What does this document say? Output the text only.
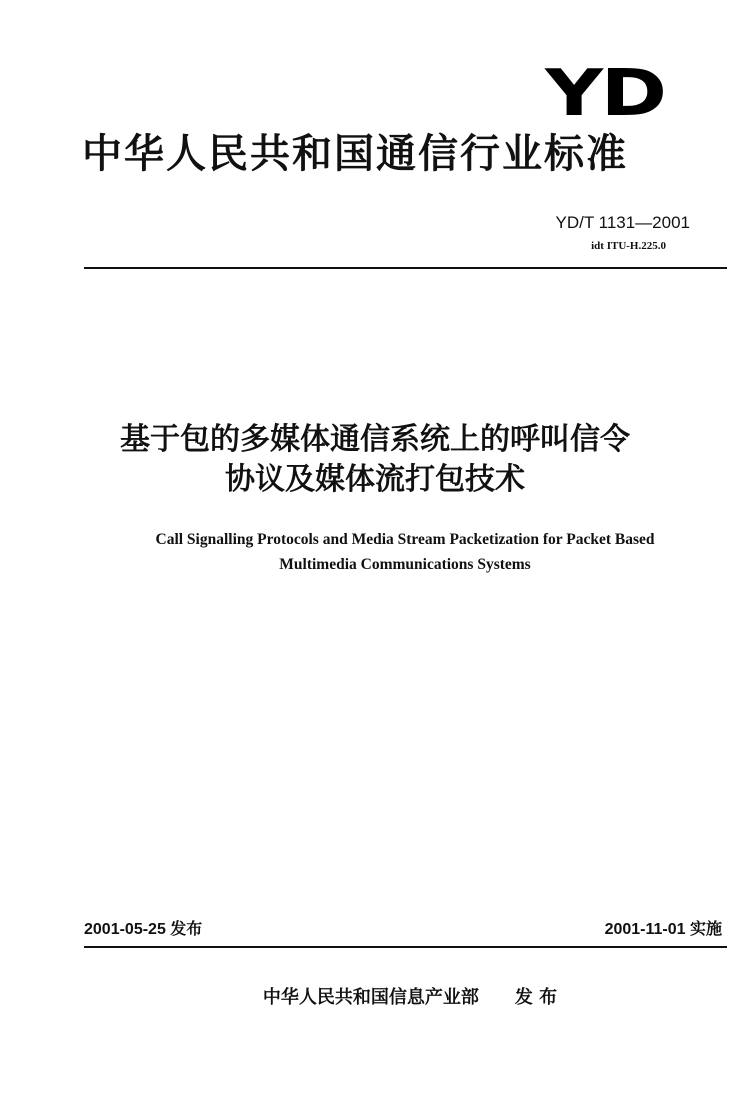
YD
中华人民共和国通信行业标准
YD/T 1131—2001
idt ITU-H.225.0
基于包的多媒体通信系统上的呼叫信令
协议及媒体流打包技术
Call Signalling Protocols and Media Stream Packetization for Packet Based
Multimedia Communications Systems
2001-05-25 发布	2001-11-01 实施
中华人民共和国信息产业部 发 布
